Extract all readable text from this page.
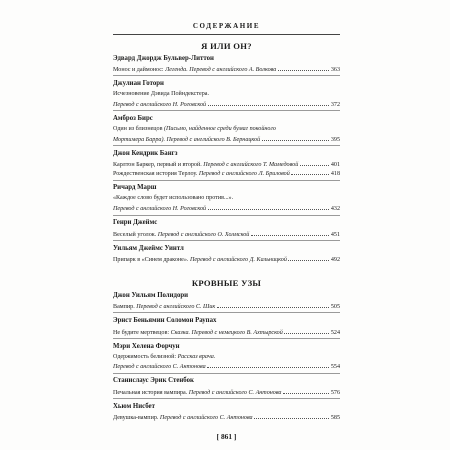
СОДЕРЖАНИЕ
[ 861 ]
Я ИЛИ ОН?
Эдвард Джордж Бульвер-Литтон
Монос и даймонос: Легенда. Перевод с английского А. Волкова	363
Джулиан Готорн
Исчезновение Дэвида Пойндекстера.
Перевод с английского Н. Роговской	372
Амброз Бирс
Один из близнецов (Письмо, найденное среди бумаг покойного
Мортимера Барра). Перевод с английского В. Бернацкой	395
Джон Кендрик Бангз
Карлтон Баркер, первый и второй. Перевод с английского Т. Мамедовой	401
Рождественская история Терлоу. Перевод с английского Л. Бриловой	418
Ричард Марш
«Каждое слово будет использовано против...».
Перевод с английского Н. Роговской	432
Генри Джеймс
Веселый уголок. Перевод с английского О. Холмской	451
Уильям Джеймс Уинтл
Припарк в «Синем драконе». Перевод с английского Д. Кальницкой	492
КРОВНЫЕ УЗЫ
Джон Уильям Полидори
Вампир. Перевод с английского С. Шик	505
Эрнст Беньямин Соломон Раупах
Не будите мертвецов: Сказка. Перевод с немецкого В. Ахтырской	524
Мэри Хелена Форчун
Одержимость белизной: Рассказ врача.
Перевод с английского С. Антонова	554
Станислаус Эрик Стенбок
Печальная история вампира. Перевод с английского С. Антонова	576
Хьюм Нисбет
Девушка-вампир. Перевод с английского С. Антонова	585
